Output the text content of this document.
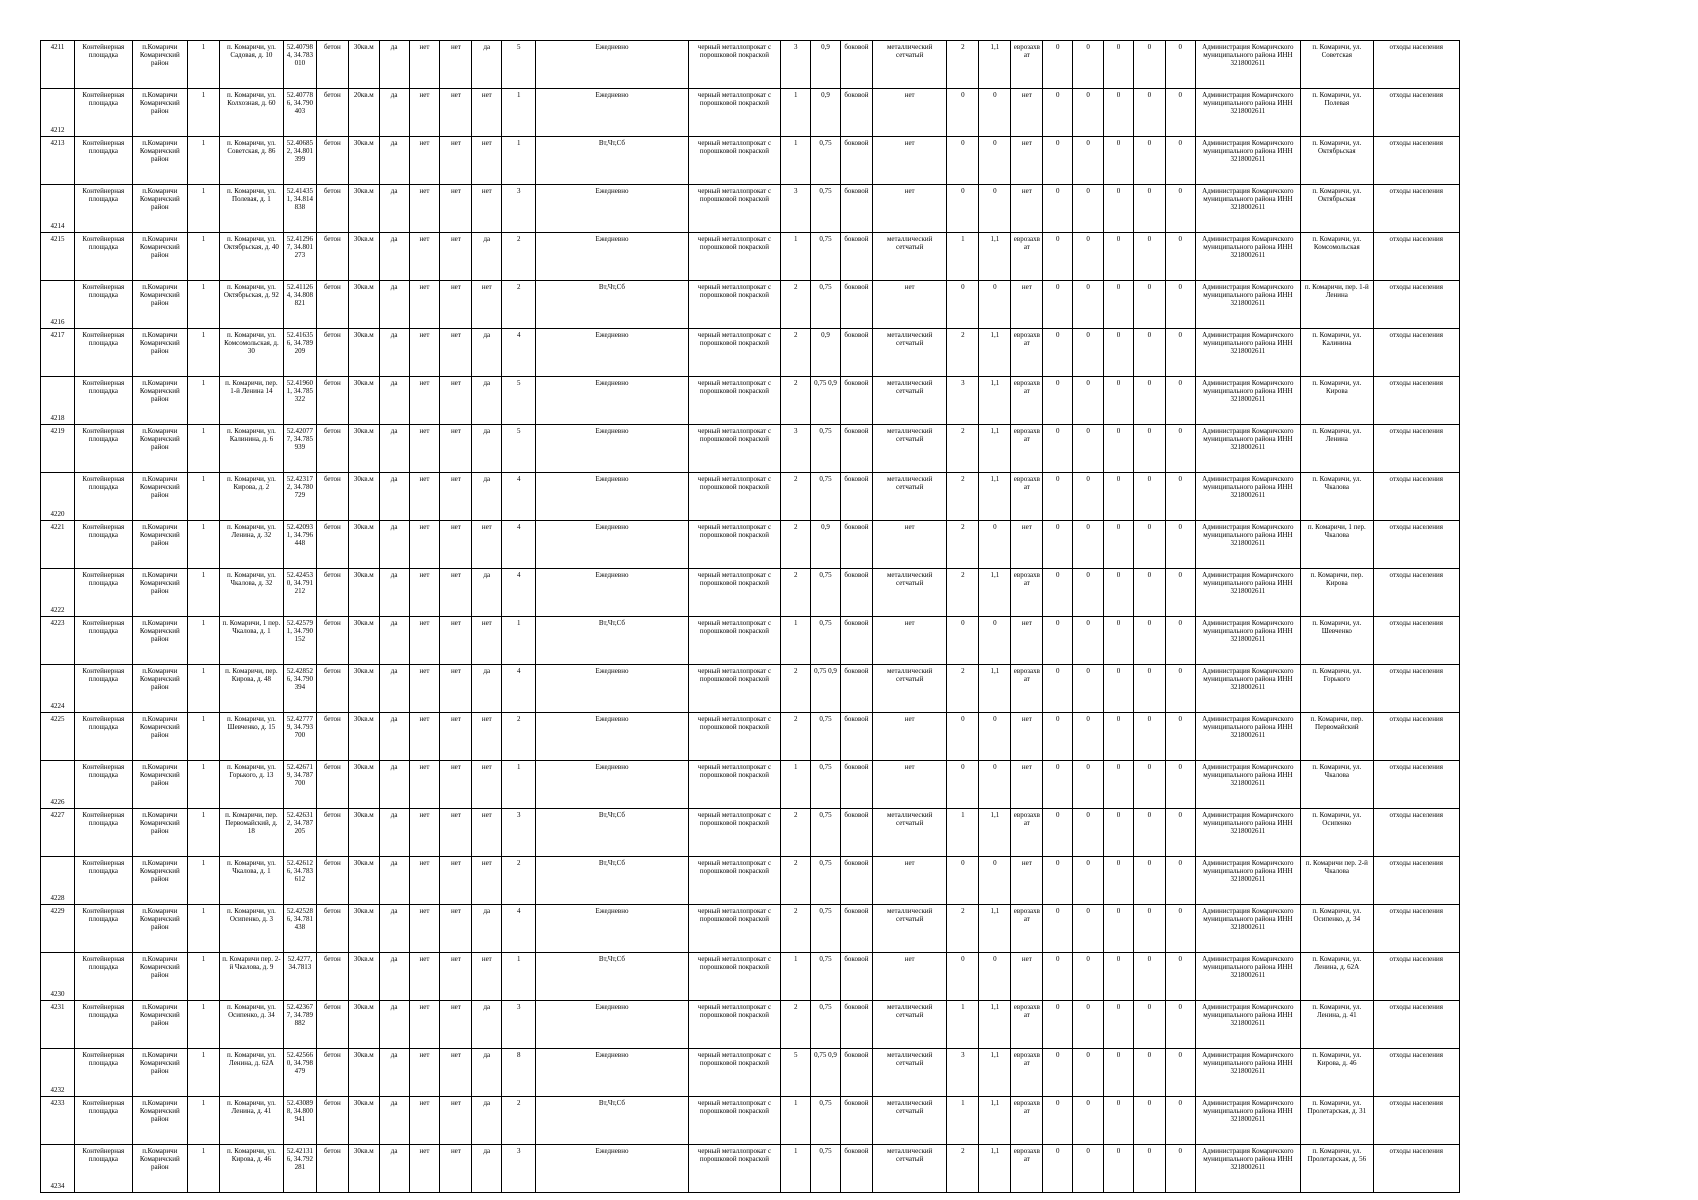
4211	Контейнерная площадка	п.Комаричи Комаричский район	1	п. Комаричи, ул. Садовая, д. 10	52.407984, 34.783010	бетон	30кв.м	да	нет	нет	да	5	Ежедневно	черный металлопрокат с порошковой покраской	3	0,9	боковой	металлический сетчатый	2	1,1	еврозахват	0	0	0	0	0	Администрация Комаричского муниципального района ИНН 3218002611	п. Комаричи, ул. Советская	отходы населения
4212	Контейнерная площадка	п.Комаричи Комаричский район	1	п. Комаричи, ул. Колхозная, д. 60	52.407786, 34.790403	бетон	20кв.м	да	нет	нет	нет	1	Ежедневно	черный металлопрокат с порошковой покраской	1	0,9	боковой	нет	0	0	нет	0	0	0	0	0	Администрация Комаричского муниципального района ИНН 3218002611	п. Комаричи, ул. Полевая	отходы населения
4213	Контейнерная площадка	п.Комаричи Комаричский район	1	п. Комаричи, ул. Советская, д. 86	52.406852, 34.801399	бетон	30кв.м	да	нет	нет	нет	1	Вт,Чт,Сб	черный металлопрокат с порошковой покраской	1	0,75	боковой	нет	0	0	нет	0	0	0	0	0	Администрация Комаричского муниципального района ИНН 3218002611	п. Комаричи, ул. Октябрьская	отходы населения
4214	Контейнерная площадка	п.Комаричи Комаричский район	1	п. Комаричи, ул. Полевая, д. 1	52.414351, 34.814838	бетон	30кв.м	да	нет	нет	нет	3	Ежедневно	черный металлопрокат с порошковой покраской	3	0,75	боковой	нет	0	0	нет	0	0	0	0	0	Администрация Комаричского муниципального района ИНН 3218002611	п. Комаричи, ул. Октябрьская	отходы населения
4215	Контейнерная площадка	п.Комаричи Комаричский район	1	п. Комаричи, ул. Октябрьская, д. 40	52.412967, 34.801273	бетон	30кв.м	да	нет	нет	да	2	Ежедневно	черный металлопрокат с порошковой покраской	1	0,75	боковой	металлический сетчатый	1	1,1	еврозахват	0	0	0	0	0	Администрация Комаричского муниципального района ИНН 3218002611	п. Комаричи, ул. Комсомольская	отходы населения
4216	Контейнерная площадка	п.Комаричи Комаричский район	1	п. Комаричи, ул. Октябрьская, д. 92	52.411264, 34.808821	бетон	30кв.м	да	нет	нет	нет	2	Вт,Чт,Сб	черный металлопрокат с порошковой покраской	2	0,75	боковой	нет	0	0	нет	0	0	0	0	0	Администрация Комаричского муниципального района ИНН 3218002611	п. Комаричи, пер. 1-й Ленина	отходы населения
4217	Контейнерная площадка	п.Комаричи Комаричский район	1	п. Комаричи, ул. Комсомольская, д. 30	52.416356, 34.789209	бетон	30кв.м	да	нет	нет	да	4	Ежедневно	черный металлопрокат с порошковой покраской	2	0,9	боковой	металлический сетчатый	2	1,1	еврозахват	0	0	0	0	0	Администрация Комаричского муниципального района ИНН 3218002611	п. Комаричи, ул. Калинина	отходы населения
4218	Контейнерная площадка	п.Комаричи Комаричский район	1	п. Комаричи, пер. 1-й Ленина 14	52.419601, 34.785322	бетон	30кв.м	да	нет	нет	да	5	Ежедневно	черный металлопрокат с порошковой покраской	2	0,75 0,9	боковой	металлический сетчатый	3	1,1	еврозахват	0	0	0	0	0	Администрация Комаричского муниципального района ИНН 3218002611	п. Комаричи, ул. Кирова	отходы населения
4219	Контейнерная площадка	п.Комаричи Комаричский район	1	п. Комаричи, ул. Калинина, д. 6	52.420777, 34.785939	бетон	30кв.м	да	нет	нет	да	5	Ежедневно	черный металлопрокат с порошковой покраской	3	0,75	боковой	металлический сетчатый	2	1,1	еврозахват	0	0	0	0	0	Администрация Комаричского муниципального района ИНН 3218002611	п. Комаричи, ул. Ленина	отходы населения
4220	Контейнерная площадка	п.Комаричи Комаричский район	1	п. Комаричи, ул. Кирова, д. 2	52.423172, 34.780729	бетон	30кв.м	да	нет	нет	да	4	Ежедневно	черный металлопрокат с порошковой покраской	2	0,75	боковой	металлический сетчатый	2	1,1	еврозахват	0	0	0	0	0	Администрация Комаричского муниципального района ИНН 3218002611	п. Комаричи, ул. Чкалова	отходы населения
4221	Контейнерная площадка	п.Комаричи Комаричский район	1	п. Комаричи, ул. Ленина, д. 32	52.420931, 34.796448	бетон	30кв.м	да	нет	нет	нет	4	Ежедневно	черный металлопрокат с порошковой покраской	2	0,9	боковой	нет	2	0	нет	0	0	0	0	0	Администрация Комаричского муниципального района ИНН 3218002611	п. Комаричи, 1 пер. Чкалова	отходы населения
4222	Контейнерная площадка	п.Комаричи Комаричский район	1	п. Комаричи, ул. Чкалова, д. 32	52.424530, 34.791212	бетон	30кв.м	да	нет	нет	да	4	Ежедневно	черный металлопрокат с порошковой покраской	2	0,75	боковой	металлический сетчатый	2	1,1	еврозахват	0	0	0	0	0	Администрация Комаричского муниципального района ИНН 3218002611	п. Комаричи, пер. Кирова	отходы населения
4223	Контейнерная площадка	п.Комаричи Комаричский район	1	п. Комаричи, 1 пер. Чкалова, д. 1	52.425791, 34.790152	бетон	30кв.м	да	нет	нет	нет	1	Вт,Чт,Сб	черный металлопрокат с порошковой покраской	1	0,75	боковой	нет	0	0	нет	0	0	0	0	0	Администрация Комаричского муниципального района ИНН 3218002611	п. Комаричи, ул. Шевченко	отходы населения
4224	Контейнерная площадка	п.Комаричи Комаричский район	1	п. Комаричи, пер. Кирова, д. 48	52.428526, 34.790394	бетон	30кв.м	да	нет	нет	да	4	Ежедневно	черный металлопрокат с порошковой покраской	2	0,75 0,9	боковой	металлический сетчатый	2	1,1	еврозахват	0	0	0	0	0	Администрация Комаричского муниципального района ИНН 3218002611	п. Комаричи, ул. Горького	отходы населения
4225	Контейнерная площадка	п.Комаричи Комаричский район	1	п. Комаричи, ул. Шевченко, д. 15	52.427779, 34.793700	бетон	30кв.м	да	нет	нет	нет	2	Ежедневно	черный металлопрокат с порошковой покраской	2	0,75	боковой	нет	0	0	нет	0	0	0	0	0	Администрация Комаричского муниципального района ИНН 3218002611	п. Комаричи, пер. Первомайский	отходы населения
4226	Контейнерная площадка	п.Комаричи Комаричский район	1	п. Комаричи, ул. Горького, д. 13	52.426719, 34.787700	бетон	30кв.м	да	нет	нет	нет	1	Ежедневно	черный металлопрокат с порошковой покраской	1	0,75	боковой	нет	0	0	нет	0	0	0	0	0	Администрация Комаричского муниципального района ИНН 3218002611	п. Комаричи, ул. Чкалова	отходы населения
4227	Контейнерная площадка	п.Комаричи Комаричский район	1	п. Комаричи, пер. Первомайский, д. 18	52.426312, 34.787205	бетон	30кв.м	да	нет	нет	нет	3	Вт,Чт,Сб	черный металлопрокат с порошковой покраской	2	0,75	боковой	металлический сетчатый	1	1,1	еврозахват	0	0	0	0	0	Администрация Комаричского муниципального района ИНН 3218002611	п. Комаричи, ул. Осипенко	отходы населения
4228	Контейнерная площадка	п.Комаричи Комаричский район	1	п. Комаричи, ул. Чкалова, д. 1	52.426126, 34.783612	бетон	30кв.м	да	нет	нет	нет	2	Вт,Чт,Сб	черный металлопрокат с порошковой покраской	2	0,75	боковой	нет	0	0	нет	0	0	0	0	0	Администрация Комаричского муниципального района ИНН 3218002611	п. Комаричи пер. 2-й Чкалова	отходы населения
4229	Контейнерная площадка	п.Комаричи Комаричский район	1	п. Комаричи, ул. Осипенко, д. 3	52.425286, 34.781438	бетон	30кв.м	да	нет	нет	да	4	Ежедневно	черный металлопрокат с порошковой покраской	2	0,75	боковой	металлический сетчатый	2	1,1	еврозахват	0	0	0	0	0	Администрация Комаричского муниципального района ИНН 3218002611	п. Комаричи, ул. Осипенко, д. 34	отходы населения
4230	Контейнерная площадка	п.Комаричи Комаричский район	1	п. Комаричи пер. 2-й Чкалова, д. 9	52.4277, 34.7813	бетон	30кв.м	да	нет	нет	нет	1	Вт,Чт,Сб	черный металлопрокат с порошковой покраской	1	0,75	боковой	нет	0	0	нет	0	0	0	0	0	Администрация Комаричского муниципального района ИНН 3218002611	п. Комаричи, ул. Ленина, д. 62А	отходы населения
4231	Контейнерная площадка	п.Комаричи Комаричский район	1	п. Комаричи, ул. Осипенко, д. 34	52.423677, 34.789882	бетон	30кв.м	да	нет	нет	да	3	Ежедневно	черный металлопрокат с порошковой покраской	2	0,75	боковой	металлический сетчатый	1	1,1	еврозахват	0	0	0	0	0	Администрация Комаричского муниципального района ИНН 3218002611	п. Комаричи, ул. Ленина, д. 41	отходы населения
4232	Контейнерная площадка	п.Комаричи Комаричский район	1	п. Комаричи, ул. Ленина, д. 62А	52.425660, 34.798479	бетон	30кв.м	да	нет	нет	да	8	Ежедневно	черный металлопрокат с порошковой покраской	5	0,75 0,9	боковой	металлический сетчатый	3	1,1	еврозахват	0	0	0	0	0	Администрация Комаричского муниципального района ИНН 3218002611	п. Комаричи, ул. Кирова, д. 46	отходы населения
4233	Контейнерная площадка	п.Комаричи Комаричский район	1	п. Комаричи, ул. Ленина, д. 41	52.430898, 34.800941	бетон	30кв.м	да	нет	нет	да	2	Вт,Чт,Сб	черный металлопрокат с порошковой покраской	1	0,75	боковой	металлический сетчатый	1	1,1	еврозахват	0	0	0	0	0	Администрация Комаричского муниципального района ИНН 3218002611	п. Комаричи, ул. Пролетарская, д. 31	отходы населения
4234	Контейнерная площадка	п.Комаричи Комаричский район	1	п. Комаричи, ул. Кирова, д. 46	52.421316, 34.792281	бетон	30кв.м	да	нет	нет	да	3	Ежедневно	черный металлопрокат с порошковой покраской	1	0,75	боковой	металлический сетчатый	2	1,1	еврозахват	0	0	0	0	0	Администрация Комаричского муниципального района ИНН 3218002611	п. Комаричи, ул. Пролетарская, д. 56	отходы населения
